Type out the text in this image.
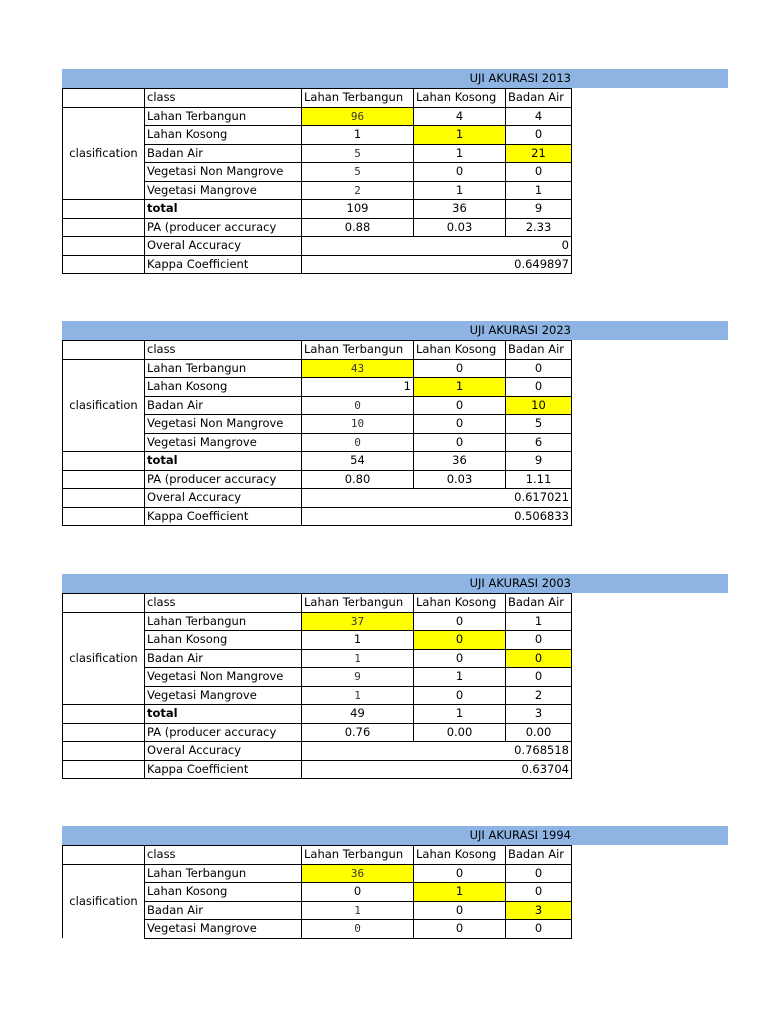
UJI AKURASI 2013
	class	Lahan Terbangun	Lahan Kosong	Badan Air
clasification	Lahan Terbangun	96	4	4
	Lahan Kosong	1	1	0
	Badan Air	5	1	21
	Vegetasi Non Mangrove	5	0	0
	Vegetasi Mangrove	2	1	1
	total	109	36	9
	PA (producer accuracy	0.88	0.03	2.33
	Overal Accuracy	0		
	Kappa Coefficient	0.649897		
UJI AKURASI 2023
	class	Lahan Terbangun	Lahan Kosong	Badan Air
clasification	Lahan Terbangun	43	0	0
	Lahan Kosong	1	1	0
	Badan Air	0	0	10
	Vegetasi Non Mangrove	10	0	5
	Vegetasi Mangrove	0	0	6
	total	54	36	9
	PA (producer accuracy	0.80	0.03	1.11
	Overal Accuracy	0.617021		
	Kappa Coefficient	0.506833		
UJI AKURASI 2003
	class	Lahan Terbangun	Lahan Kosong	Badan Air
clasification	Lahan Terbangun	37	0	1
	Lahan Kosong	1	0	0
	Badan Air	1	0	0
	Vegetasi Non Mangrove	9	1	0
	Vegetasi Mangrove	1	0	2
	total	49	1	3
	PA (producer accuracy	0.76	0.00	0.00
	Overal Accuracy	0.768518		
	Kappa Coefficient	0.63704		
UJI AKURASI 1994
	class	Lahan Terbangun	Lahan Kosong	Badan Air
clasification	Lahan Terbangun	36	0	0
	Lahan Kosong	0	1	0
	Badan Air	1	0	3
	Vegetasi Mangrove	0	0	0
